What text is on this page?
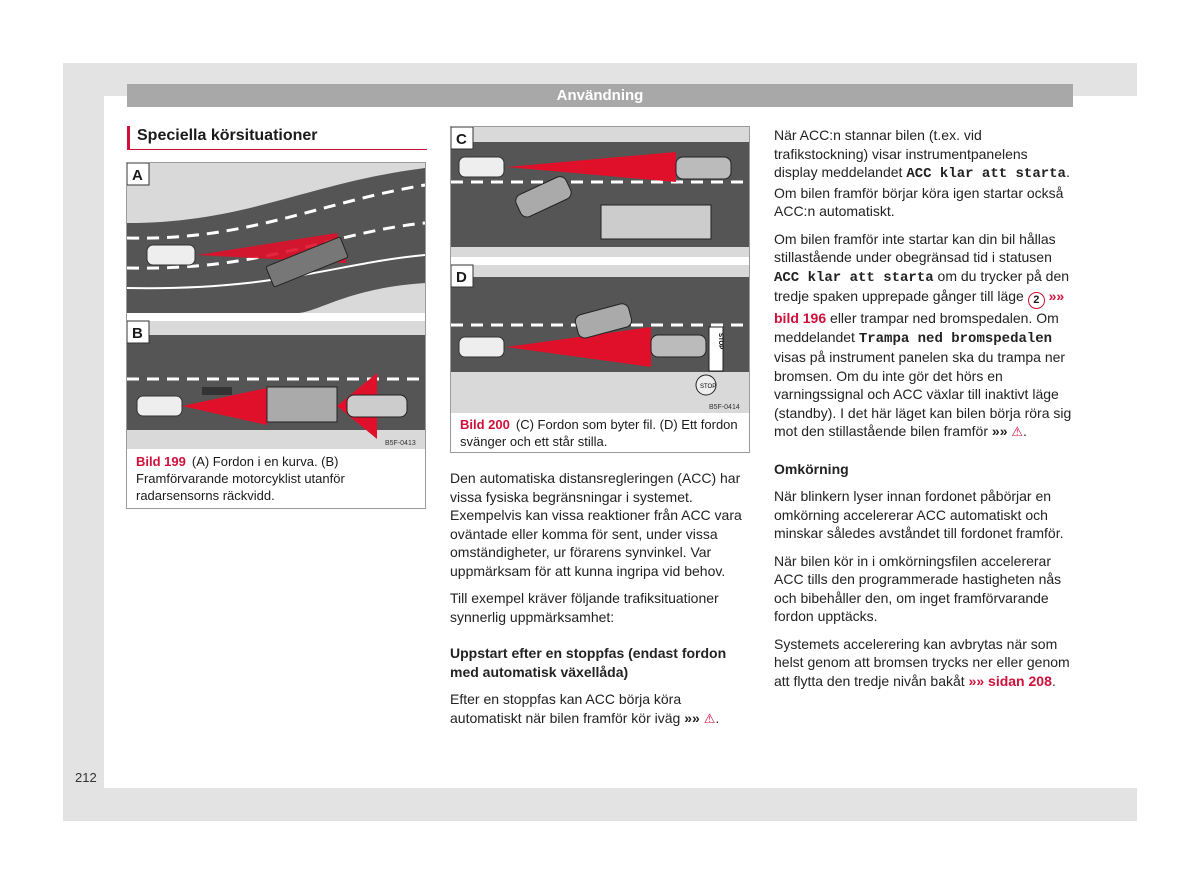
Användning
Speciella körsituationer
A
B
B5F-0413
Bild 199 (A) Fordon i en kurva. (B) Framförvarande motorcyklist utanför radarsensorns räckvidd.
C
STOP
STOP
D
B5F-0414
Bild 200 (C) Fordon som byter fil. (D) Ett fordon svänger och ett står stilla.

Den automatiska distansregleringen (ACC) har vissa fysiska begränsningar i systemet. Exempelvis kan vissa reaktioner från ACC vara oväntade eller komma för sent, under vissa omständigheter, ur förarens synvinkel. Var uppmärksam för att kunna ingripa vid behov.

Till exempel kräver följande trafiksituationer synnerlig uppmärksamhet:

Uppstart efter en stoppfas (endast fordon med automatisk växellåda)

Efter en stoppfas kan ACC börja köra automatiskt när bilen framför kör iväg »» ⚠.

När ACC:n stannar bilen (t.ex. vid trafikstockning) visar instrumentpanelens display meddelandet ACC klar att starta. Om bilen framför börjar köra igen startar också ACC:n automatiskt.

Om bilen framför inte startar kan din bil hållas stillastående under obegränsad tid i statusen ACC klar att starta om du trycker på den tredje spaken upprepade gånger till läge 2 »» bild 196 eller trampar ned bromspedalen. Om meddelandet Trampa ned bromspedalen visas på instrument panelen ska du trampa ner bromsen. Om du inte gör det hörs en varningssignal och ACC växlar till inaktivt läge (standby). I det här läget kan bilen börja röra sig mot den stillastående bilen framför »» ⚠.

Omkörning

När blinkern lyser innan fordonet påbörjar en omkörning accelererar ACC automatiskt och minskar således avståndet till fordonet framför.

När bilen kör in i omkörningsfilen accelererar ACC tills den programmerade hastigheten nås och bibehåller den, om inget framförvarande fordon upptäcks.

Systemets accelerering kan avbrytas när som helst genom att bromsen trycks ner eller genom att flytta den tredje nivån bakåt »» sidan 208.

212
